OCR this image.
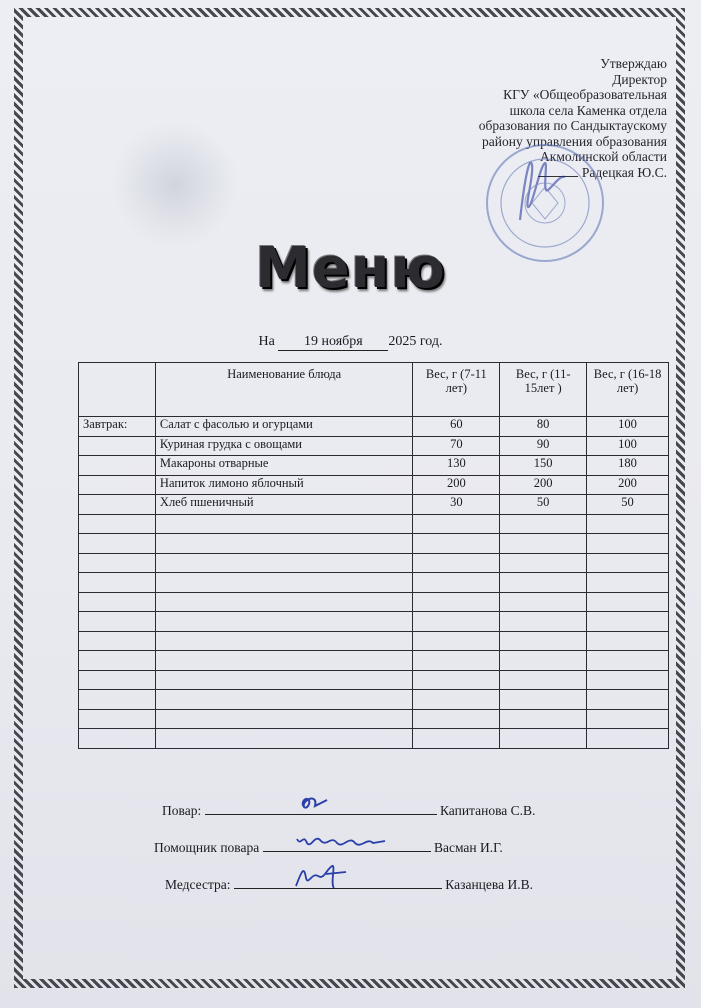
Утверждаю
Директор
КГУ «Общеобразовательная
школа села Каменка отдела
образования по Сандыктаускому
району управления образования
Акмолинской области
Радецкая Ю.С.
Меню
На 19 ноября 2025 год.
	Наименование блюда	Вес, г (7-11 лет)	Вес, г (11-15лет )	Вес, г (16-18 лет)
Завтрак:	Салат с фасолью и огурцами	60	80	100
	Куриная грудка с овощами	70	90	100
	Макароны отварные	130	150	180
	Напиток лимоно яблочный	200	200	200
	Хлеб пшеничный	30	50	50

Повар:	Капитанова С.В.
Помощник повара	Васман И.Г.
Медсестра:	Казанцева И.В.
